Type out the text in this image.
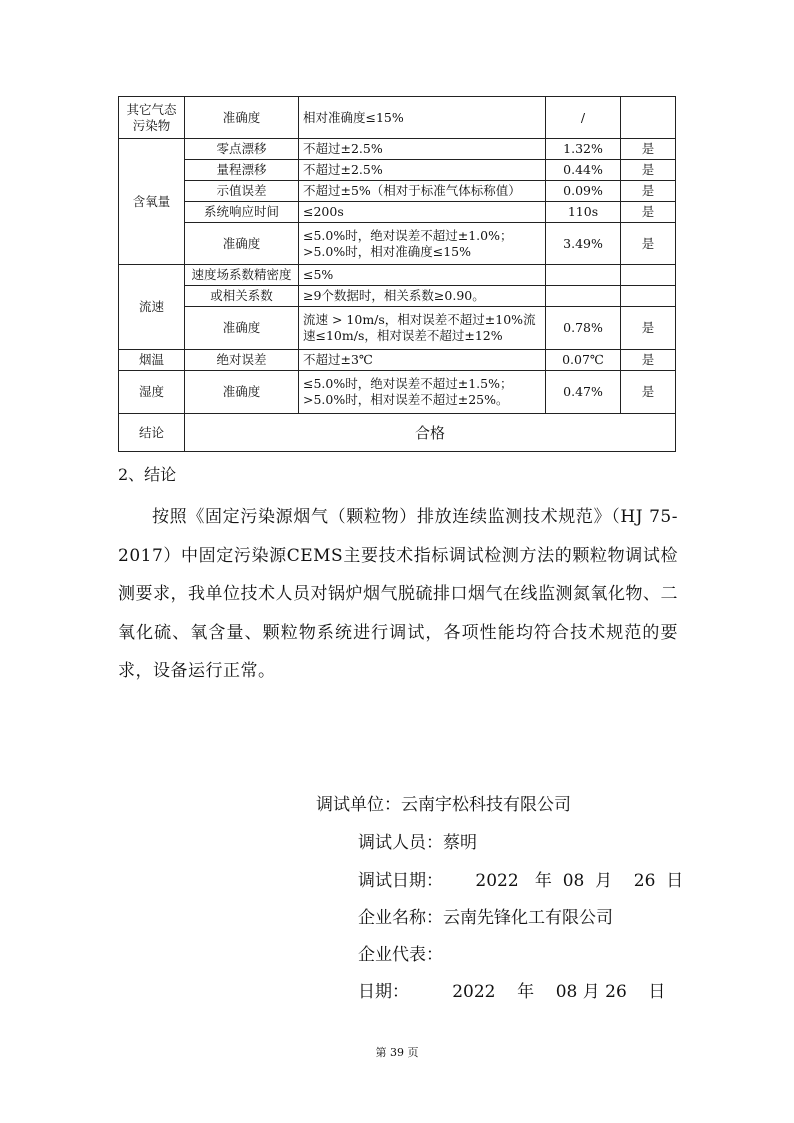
其它气态污染物	准确度	相对准确度≤15%	/	
含氧量	零点漂移	不超过±2.5%	1.32%	是
	量程漂移	不超过±2.5%	0.44%	是
	示值误差	不超过±5%（相对于标准气体标称值）	0.09%	是
	系统响应时间	≤200s	110s	是
	准确度	≤5.0%时，绝对误差不超过±1.0%；>5.0%时，相对准确度≤15%	3.49%	是
流速	速度场系数精密度	≤5%		
	或相关系数	≥9个数据时，相关系数≥0.90。		
	准确度	流速 > 10m/s，相对误差不超过±10%流速≤10m/s，相对误差不超过±12%	0.78%	是
烟温	绝对误差	不超过±3℃	0.07℃	是
湿度	准确度	≤5.0%时，绝对误差不超过±1.5%；>5.0%时，相对误差不超过±25%。	0.47%	是
结论	合格			
2、结论
按照《固定污染源烟气（颗粒物）排放连续监测技术规范》（HJ 75-2017）中固定污染源CEMS主要技术指标调试检测方法的颗粒物调试检测要求，我单位技术人员对锅炉烟气脱硫排口烟气在线监测氮氧化物、二氧化硫、氧含量、颗粒物系统进行调试，各项性能均符合技术规范的要求，设备运行正常。
调试单位：云南宇松科技有限公司
调试人员：蔡明
调试日期：      2022   年  08  月    26  日
企业名称：云南先锋化工有限公司
企业代表：
日期：        2022    年    08 月 26    日
第 39 页
